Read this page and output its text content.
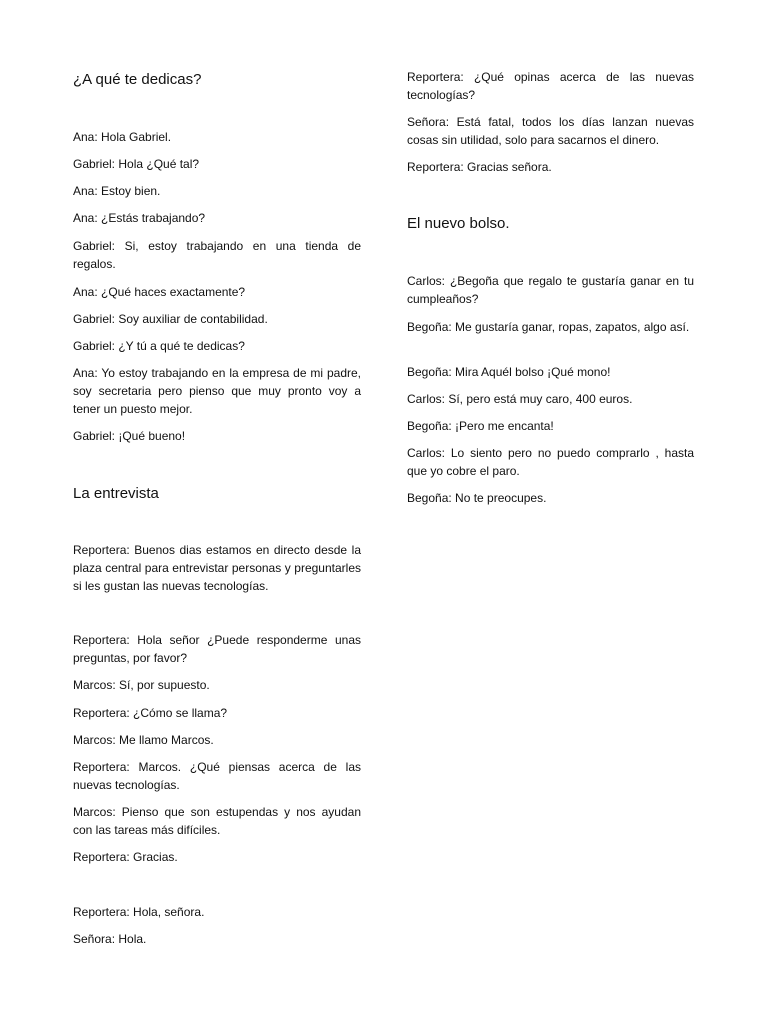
¿A qué te dedicas?

Ana: Hola Gabriel.

Gabriel: Hola ¿Qué tal?

Ana: Estoy bien.

Ana: ¿Estás trabajando?

Gabriel: Si, estoy trabajando en una tienda de regalos.

Ana: ¿Qué haces exactamente?

Gabriel: Soy auxiliar de contabilidad.

Gabriel: ¿Y tú a qué te dedicas?

Ana: Yo estoy trabajando en la empresa de mi padre, soy secretaria pero pienso que muy pronto voy a tener un puesto mejor.

Gabriel: ¡Qué bueno!

La entrevista

Reportera: Buenos dias estamos en directo desde la plaza central para entrevistar personas y preguntarles si les gustan las nuevas tecnologías.

Reportera: Hola señor ¿Puede responderme unas preguntas, por favor?

Marcos: Sí, por supuesto.

Reportera: ¿Cómo se llama?

Marcos: Me llamo Marcos.

Reportera: Marcos. ¿Qué piensas acerca de las nuevas tecnologías.

Marcos: Pienso que son estupendas y nos ayudan con las tareas más difíciles.

Reportera: Gracias.

Reportera: Hola, señora.

Señora: Hola.

Reportera: ¿Qué opinas acerca de las nuevas tecnologías?

Señora: Está fatal, todos los días lanzan nuevas cosas sin utilidad, solo para sacarnos el dinero.

Reportera: Gracias señora.

El nuevo bolso.

Carlos: ¿Begoña que regalo te gustaría ganar en tu cumpleaños?

Begoña: Me gustaría ganar, ropas, zapatos, algo así.

Begoña: Mira Aquél bolso ¡Qué mono!

Carlos: Sí, pero está muy caro, 400 euros.

Begoña: ¡Pero me encanta!

Carlos: Lo siento pero no puedo comprarlo , hasta que yo cobre el paro.

Begoña: No te preocupes.
